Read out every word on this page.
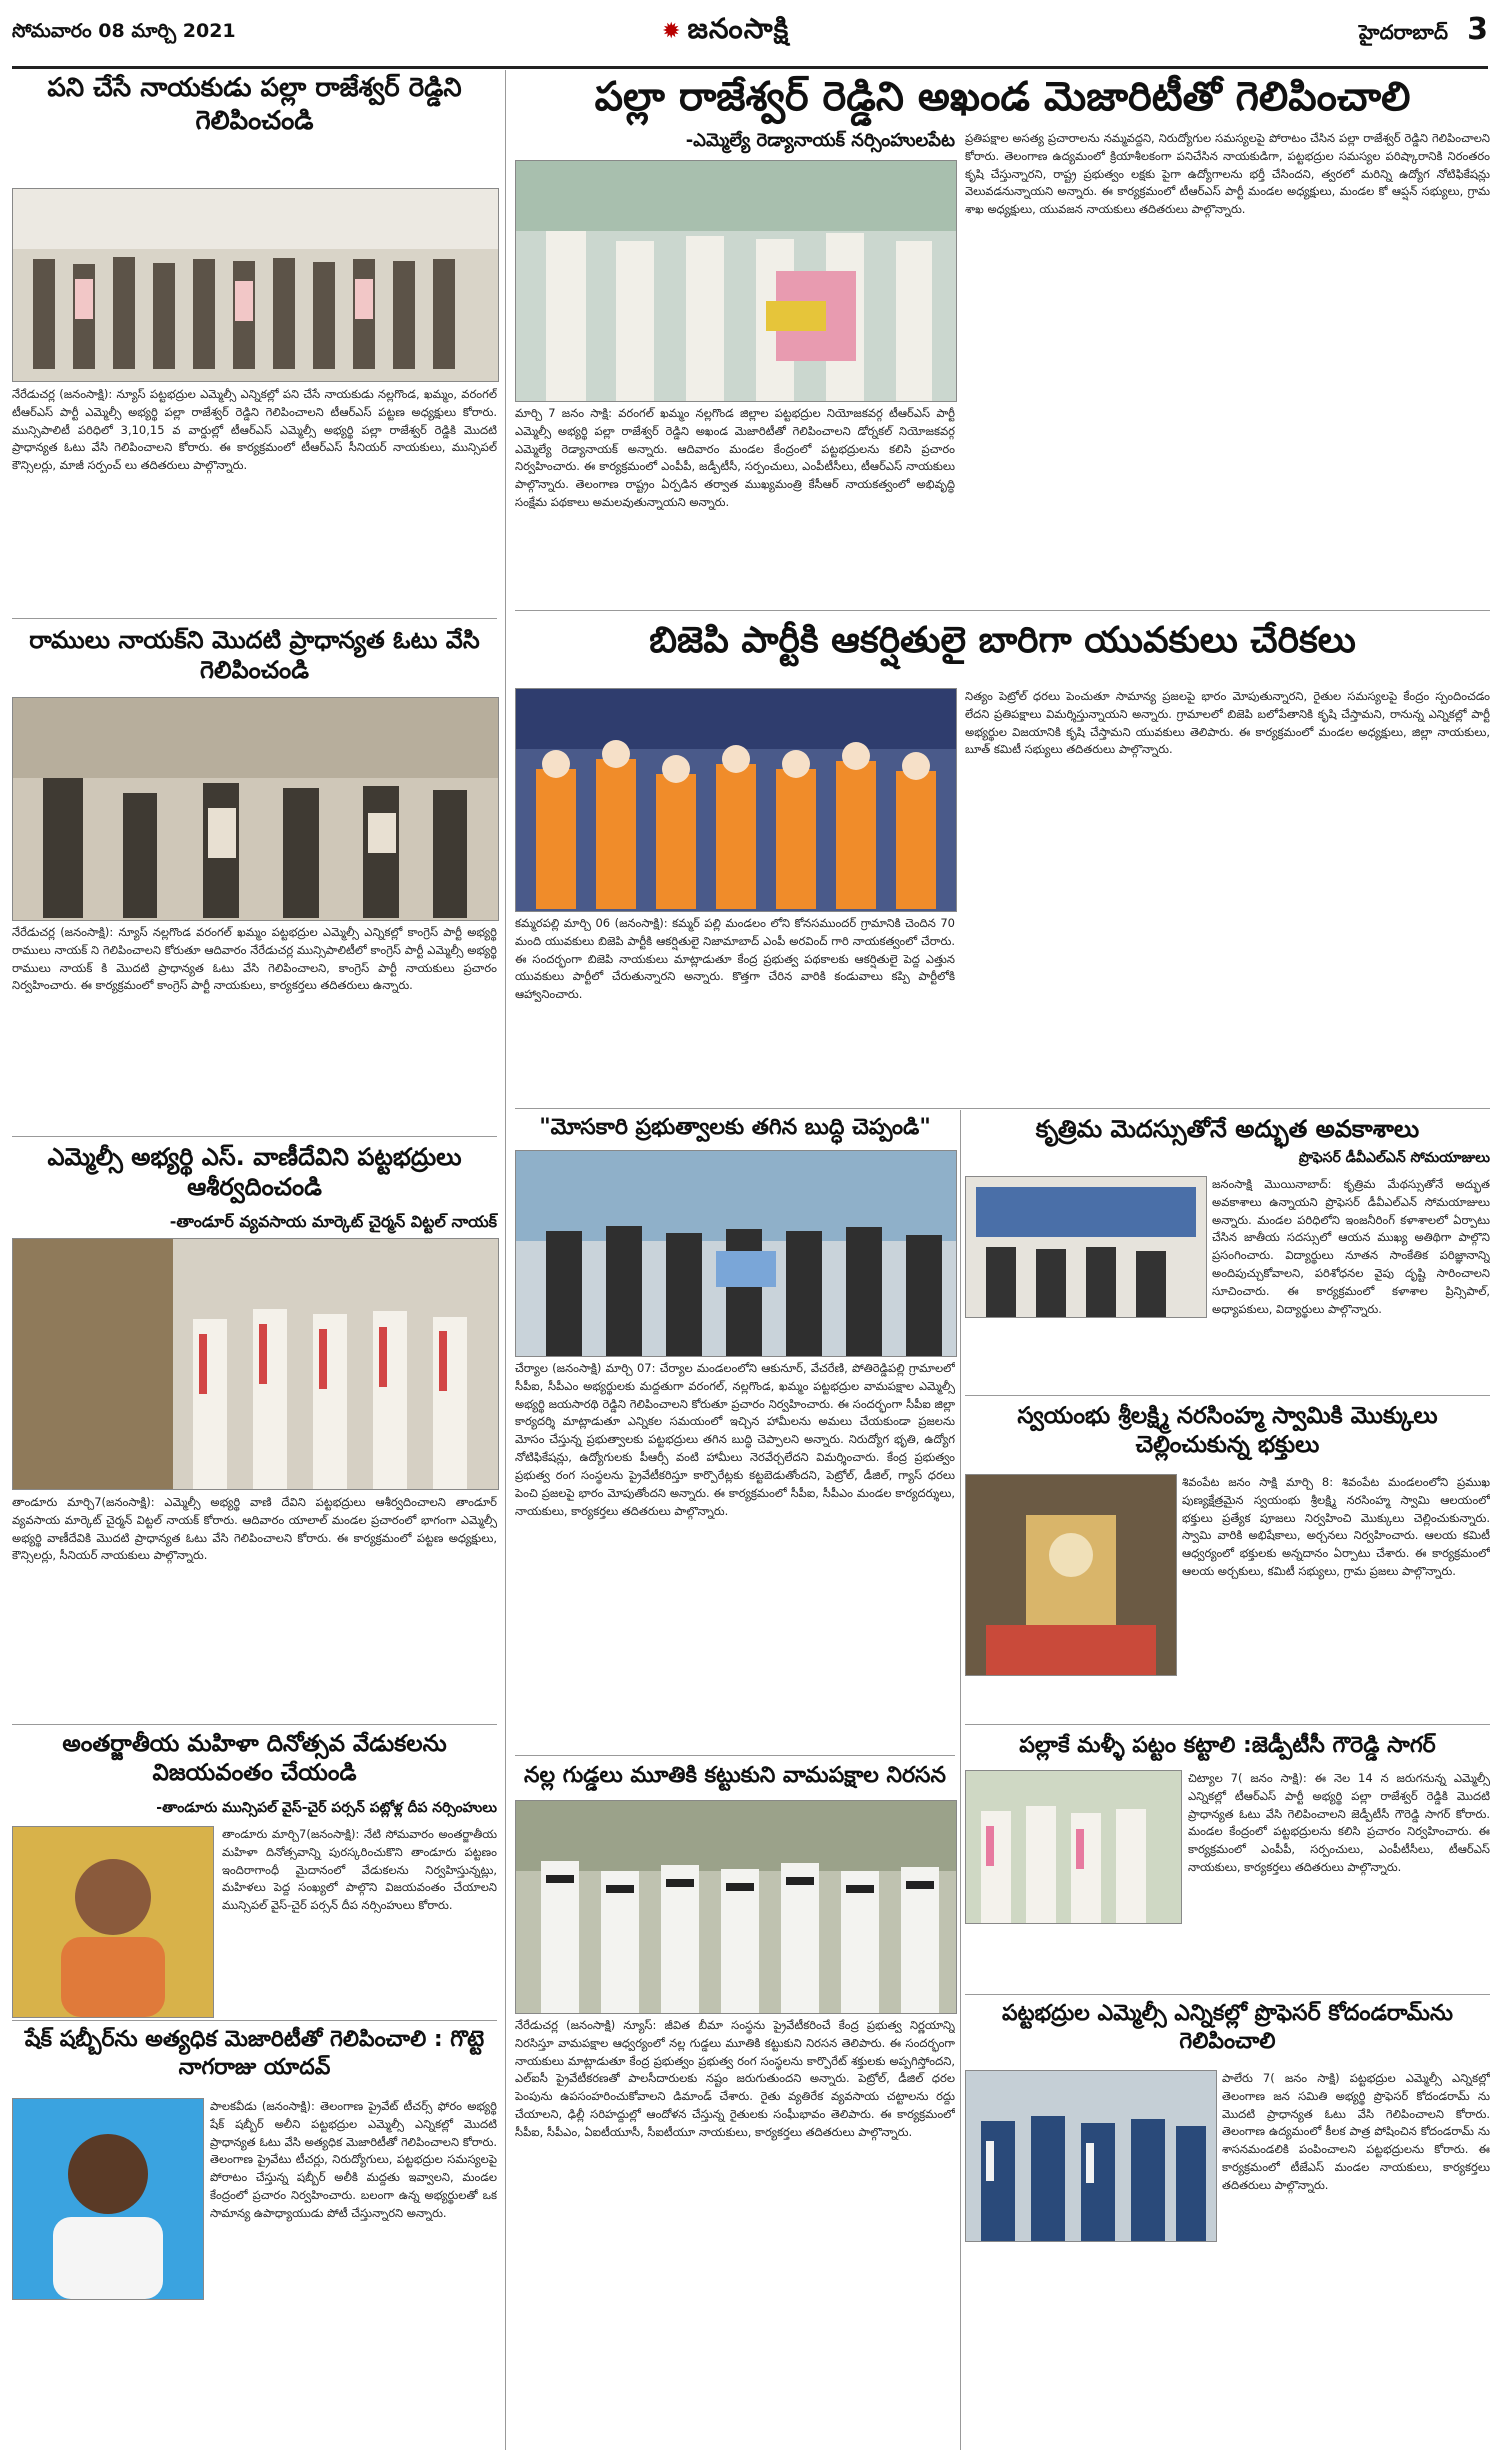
సోమవారం 08 మార్చి 2021	✹ జనంసాక్షి	హైదరాబాద్ 3
పని చేసే నాయకుడు పల్లా రాజేశ్వర్ రెడ్డిని గెలిపించండి
నేరేడుచర్ల (జనంసాక్షి): న్యూస్ పట్టభద్రుల ఎమ్మెల్సీ ఎన్నికల్లో పని చేసే నాయకుడు నల్లగొండ, ఖమ్మం, వరంగల్ టీఆర్ఎస్ పార్టీ ఎమ్మెల్సీ అభ్యర్థి పల్లా రాజేశ్వర్ రెడ్డిని గెలిపించాలని టీఆర్ఎస్ పట్టణ అధ్యక్షులు కోరారు. మున్సిపాలిటీ పరిధిలో 3,10,15 వ వార్డుల్లో టీఆర్ఎస్ ఎమ్మెల్సీ అభ్యర్థి పల్లా రాజేశ్వర్ రెడ్డికి మొదటి ప్రాధాన్యత ఓటు వేసి గెలిపించాలని కోరారు. ఈ కార్యక్రమంలో టీఆర్ఎస్ సీనియర్ నాయకులు, మున్సిపల్ కౌన్సిలర్లు, మాజీ సర్పంచ్ లు తదితరులు పాల్గొన్నారు.
రాములు నాయక్‌ని మొదటి ప్రాధాన్యత ఓటు వేసి గెలిపించండి
నేరేడుచర్ల (జనంసాక్షి): న్యూస్ నల్లగొండ వరంగల్ ఖమ్మం పట్టభద్రుల ఎమ్మెల్సీ ఎన్నికల్లో కాంగ్రెస్ పార్టీ అభ్యర్థి రాములు నాయక్ ని గెలిపించాలని కోరుతూ ఆదివారం నేరేడుచర్ల మున్సిపాలిటీలో కాంగ్రెస్ పార్టీ ఎమ్మెల్సీ అభ్యర్థి రాములు నాయక్ కి మొదటి ప్రాధాన్యత ఓటు వేసి గెలిపించాలని, కాంగ్రెస్ పార్టీ నాయకులు ప్రచారం నిర్వహించారు. ఈ కార్యక్రమంలో కాంగ్రెస్ పార్టీ నాయకులు, కార్యకర్తలు తదితరులు ఉన్నారు.
ఎమ్మెల్సీ అభ్యర్థి ఎస్. వాణీదేవిని పట్టభద్రులు ఆశీర్వదించండి
-తాండూర్ వ్యవసాయ మార్కెట్ చైర్మన్ విట్టల్ నాయక్
తాండూరు మార్చి7(జనంసాక్షి): ఎమ్మెల్సీ అభ్యర్థి వాణి దేవిని పట్టభద్రులు ఆశీర్వదించాలని తాండూర్ వ్యవసాయ మార్కెట్ చైర్మన్ విట్టల్ నాయక్ కోరారు. ఆదివారం యాలాల్ మండల ప్రచారంలో భాగంగా ఎమ్మెల్సీ అభ్యర్థి వాణీదేవికి మొదటి ప్రాధాన్యత ఓటు వేసి గెలిపించాలని కోరారు. ఈ కార్యక్రమంలో పట్టణ అధ్యక్షులు, కౌన్సిలర్లు, సీనియర్ నాయకులు పాల్గొన్నారు.
అంతర్జాతీయ మహిళా దినోత్సవ వేడుకలను విజయవంతం చేయండి
-తాండూరు మున్సిపల్ వైస్-చైర్ పర్సన్ పట్లోళ్ల దీప నర్సింహులు
తాండూరు మార్చి7(జనంసాక్షి): నేటి సోమవారం అంతర్జాతీయ మహిళా దినోత్సవాన్ని పురస్కరించుకొని తాండూరు పట్టణం ఇందిరాగాంధీ మైదానంలో వేడుకలను నిర్వహిస్తున్నట్లు, మహిళలు పెద్ద సంఖ్యలో పాల్గొని విజయవంతం చేయాలని మున్సిపల్ వైస్-చైర్ పర్సన్ దీప నర్సింహులు కోరారు.
షేక్ షబ్బీర్‌ను అత్యధిక మెజారిటీతో గెలిపించాలి : గొట్టె నాగరాజు యాదవ్
పాలకవీడు (జనంసాక్షి): తెలంగాణ ప్రైవేట్ టీచర్స్ ఫోరం అభ్యర్థి షేక్ షబ్బీర్ అలీని పట్టభద్రుల ఎమ్మెల్సీ ఎన్నికల్లో మొదటి ప్రాధాన్యత ఓటు వేసి అత్యధిక మెజారిటీతో గెలిపించాలని కోరారు. తెలంగాణ ప్రైవేటు టీచర్లు, నిరుద్యోగులు, పట్టభద్రుల సమస్యలపై పోరాటం చేస్తున్న షబ్బీర్ అలీకి మద్దతు ఇవ్వాలని, మండల కేంద్రంలో ప్రచారం నిర్వహించారు. బలంగా ఉన్న అభ్యర్థులతో ఒక సామాన్య ఉపాధ్యాయుడు పోటీ చేస్తున్నారని అన్నారు.
పల్లా రాజేశ్వర్ రెడ్డిని అఖండ మెజారిటీతో గెలిపించాలి
-ఎమ్మెల్యే రెడ్యానాయక్ నర్సింహులపేట
మార్చి 7 జనం సాక్షి: వరంగల్ ఖమ్మం నల్లగొండ జిల్లాల పట్టభద్రుల నియోజకవర్గ టీఆర్ఎస్ పార్టీ ఎమ్మెల్సీ అభ్యర్థి పల్లా రాజేశ్వర్ రెడ్డిని అఖండ మెజారిటీతో గెలిపించాలని డోర్నకల్ నియోజకవర్గ ఎమ్మెల్యే రెడ్యానాయక్ అన్నారు. ఆదివారం మండల కేంద్రంలో పట్టభద్రులను కలిసి ప్రచారం నిర్వహించారు. ఈ కార్యక్రమంలో ఎంపీపీ, జడ్పీటీసీ, సర్పంచులు, ఎంపీటీసీలు, టీఆర్ఎస్ నాయకులు పాల్గొన్నారు. తెలంగాణ రాష్ట్రం ఏర్పడిన తర్వాత ముఖ్యమంత్రి కేసీఆర్ నాయకత్వంలో అభివృద్ధి సంక్షేమ పథకాలు అమలవుతున్నాయని అన్నారు.
ప్రతిపక్షాల అసత్య ప్రచారాలను నమ్మవద్దని, నిరుద్యోగుల సమస్యలపై పోరాటం చేసిన పల్లా రాజేశ్వర్ రెడ్డిని గెలిపించాలని కోరారు. తెలంగాణ ఉద్యమంలో క్రియాశీలకంగా పనిచేసిన నాయకుడిగా, పట్టభద్రుల సమస్యల పరిష్కారానికి నిరంతరం కృషి చేస్తున్నారని, రాష్ట్ర ప్రభుత్వం లక్షకు పైగా ఉద్యోగాలను భర్తీ చేసిందని, త్వరలో మరిన్ని ఉద్యోగ నోటిఫికేషన్లు వెలువడనున్నాయని అన్నారు. ఈ కార్యక్రమంలో టీఆర్ఎస్ పార్టీ మండల అధ్యక్షులు, మండల కో ఆప్షన్ సభ్యులు, గ్రామ శాఖ అధ్యక్షులు, యువజన నాయకులు తదితరులు పాల్గొన్నారు.
బిజెపి పార్టీకి ఆకర్షితులై బారిగా యువకులు చేరికలు
కమ్మరపల్లి మార్చి 06 (జనంసాక్షి): కమ్మర్ పల్లి మండలం లోని కోనసముందర్ గ్రామానికి చెందిన 70 మంది యువకులు బిజెపి పార్టీకి ఆకర్షితులై నిజామాబాద్ ఎంపీ అరవింద్ గారి నాయకత్వంలో చేరారు. ఈ సందర్భంగా బిజెపి నాయకులు మాట్లాడుతూ కేంద్ర ప్రభుత్వ పథకాలకు ఆకర్షితులై పెద్ద ఎత్తున యువకులు పార్టీలో చేరుతున్నారని అన్నారు. కొత్తగా చేరిన వారికి కండువాలు కప్పి పార్టీలోకి ఆహ్వానించారు.
నిత్యం పెట్రోల్ ధరలు పెంచుతూ సామాన్య ప్రజలపై భారం మోపుతున్నారని, రైతుల సమస్యలపై కేంద్రం స్పందించడం లేదని ప్రతిపక్షాలు విమర్శిస్తున్నాయని అన్నారు. గ్రామాలలో బిజెపి బలోపేతానికి కృషి చేస్తామని, రానున్న ఎన్నికల్లో పార్టీ అభ్యర్థుల విజయానికి కృషి చేస్తామని యువకులు తెలిపారు. ఈ కార్యక్రమంలో మండల అధ్యక్షులు, జిల్లా నాయకులు, బూత్ కమిటీ సభ్యులు తదితరులు పాల్గొన్నారు.
"మోసకారి ప్రభుత్వాలకు తగిన బుద్ధి చెప్పండి"
చేర్యాల (జనంసాక్షి) మార్చి 07: చేర్యాల మండలంలోని ఆకునూర్, వేచరేణి, పోతిరెడ్డిపల్లి గ్రామాలలో సీపీఐ, సీపీఎం అభ్యర్థులకు మద్దతుగా వరంగల్, నల్లగొండ, ఖమ్మం పట్టభద్రుల వామపక్షాల ఎమ్మెల్సీ అభ్యర్థి జయసారథి రెడ్డిని గెలిపించాలని కోరుతూ ప్రచారం నిర్వహించారు. ఈ సందర్భంగా సీపీఐ జిల్లా కార్యదర్శి మాట్లాడుతూ ఎన్నికల సమయంలో ఇచ్చిన హామీలను అమలు చేయకుండా ప్రజలను మోసం చేస్తున్న ప్రభుత్వాలకు పట్టభద్రులు తగిన బుద్ధి చెప్పాలని అన్నారు. నిరుద్యోగ భృతి, ఉద్యోగ నోటిఫికేషన్లు, ఉద్యోగులకు పీఆర్సీ వంటి హామీలు నెరవేర్చలేదని విమర్శించారు. కేంద్ర ప్రభుత్వం ప్రభుత్వ రంగ సంస్థలను ప్రైవేటీకరిస్తూ కార్పొరేట్లకు కట్టబెడుతోందని, పెట్రోల్, డీజిల్, గ్యాస్ ధరలు పెంచి ప్రజలపై భారం మోపుతోందని అన్నారు. ఈ కార్యక్రమంలో సీపీఐ, సీపీఎం మండల కార్యదర్శులు, నాయకులు, కార్యకర్తలు తదితరులు పాల్గొన్నారు.
నల్ల గుడ్డలు మూతికి కట్టుకుని వామపక్షాల నిరసన
నేరేడుచర్ల (జనంసాక్షి) న్యూస్: జీవిత బీమా సంస్థను ప్రైవేటీకరించే కేంద్ర ప్రభుత్వ నిర్ణయాన్ని నిరసిస్తూ వామపక్షాల ఆధ్వర్యంలో నల్ల గుడ్డలు మూతికి కట్టుకుని నిరసన తెలిపారు. ఈ సందర్భంగా నాయకులు మాట్లాడుతూ కేంద్ర ప్రభుత్వం ప్రభుత్వ రంగ సంస్థలను కార్పొరేట్ శక్తులకు అప్పగిస్తోందని, ఎల్ఐసీ ప్రైవేటీకరణతో పాలసీదారులకు నష్టం జరుగుతుందని అన్నారు. పెట్రోల్, డీజిల్ ధరల పెంపును ఉపసంహరించుకోవాలని డిమాండ్ చేశారు. రైతు వ్యతిరేక వ్యవసాయ చట్టాలను రద్దు చేయాలని, ఢిల్లీ సరిహద్దుల్లో ఆందోళన చేస్తున్న రైతులకు సంఘీభావం తెలిపారు. ఈ కార్యక్రమంలో సీపీఐ, సీపీఎం, ఏఐటీయూసీ, సీఐటీయూ నాయకులు, కార్యకర్తలు తదితరులు పాల్గొన్నారు.
కృత్రిమ మెదస్సుతోనే అద్భుత అవకాశాలు
ప్రొఫెసర్ డీవీఎల్ఎన్ సోమయాజులు
జనంసాక్షి మొయినాబాద్: కృత్రిమ మేథస్సుతోనే అద్భుత అవకాశాలు ఉన్నాయని ప్రొఫెసర్ డీవీఎల్ఎన్ సోమయాజులు అన్నారు. మండల పరిధిలోని ఇంజనీరింగ్ కళాశాలలో ఏర్పాటు చేసిన జాతీయ సదస్సులో ఆయన ముఖ్య అతిథిగా పాల్గొని ప్రసంగించారు. విద్యార్థులు నూతన సాంకేతిక పరిజ్ఞానాన్ని అందిపుచ్చుకోవాలని, పరిశోధనల వైపు దృష్టి సారించాలని సూచించారు. ఈ కార్యక్రమంలో కళాశాల ప్రిన్సిపాల్, అధ్యాపకులు, విద్యార్థులు పాల్గొన్నారు.
స్వయంభు శ్రీలక్ష్మి నరసింహ్మ స్వామికి మొక్కులు చెల్లించుకున్న భక్తులు
శివంపేట జనం సాక్షి మార్చి 8: శివంపేట మండలంలోని ప్రముఖ పుణ్యక్షేత్రమైన స్వయంభు శ్రీలక్ష్మి నరసింహ్మ స్వామి ఆలయంలో భక్తులు ప్రత్యేక పూజలు నిర్వహించి మొక్కులు చెల్లించుకున్నారు. స్వామి వారికి అభిషేకాలు, అర్చనలు నిర్వహించారు. ఆలయ కమిటీ ఆధ్వర్యంలో భక్తులకు అన్నదానం ఏర్పాటు చేశారు. ఈ కార్యక్రమంలో ఆలయ అర్చకులు, కమిటీ సభ్యులు, గ్రామ ప్రజలు పాల్గొన్నారు.
పల్లాకే మళ్ళీ పట్టం కట్టాలి :జెడ్పీటీసీ గౌరెడ్డి సాగర్
చిట్యాల 7( జనం సాక్షి): ఈ నెల 14 న జరుగనున్న ఎమ్మెల్సీ ఎన్నికల్లో టీఆర్ఎస్ పార్టీ అభ్యర్థి పల్లా రాజేశ్వర్ రెడ్డికి మొదటి ప్రాధాన్యత ఓటు వేసి గెలిపించాలని జెడ్పీటీసీ గౌరెడ్డి సాగర్ కోరారు. మండల కేంద్రంలో పట్టభద్రులను కలిసి ప్రచారం నిర్వహించారు. ఈ కార్యక్రమంలో ఎంపీపీ, సర్పంచులు, ఎంపీటీసీలు, టీఆర్ఎస్ నాయకులు, కార్యకర్తలు తదితరులు పాల్గొన్నారు.
పట్టభద్రుల ఎమ్మెల్సీ ఎన్నికల్లో ప్రొఫెసర్ కోదండరామ్‌ను గెలిపించాలి
పాలేరు 7( జనం సాక్షి) పట్టభద్రుల ఎమ్మెల్సీ ఎన్నికల్లో తెలంగాణ జన సమితి అభ్యర్థి ప్రొఫెసర్ కోదండరామ్ ను మొదటి ప్రాధాన్యత ఓటు వేసి గెలిపించాలని కోరారు. తెలంగాణ ఉద్యమంలో కీలక పాత్ర పోషించిన కోదండరామ్ ను శాసనమండలికి పంపించాలని పట్టభద్రులను కోరారు. ఈ కార్యక్రమంలో టీజేఎస్ మండల నాయకులు, కార్యకర్తలు తదితరులు పాల్గొన్నారు.
